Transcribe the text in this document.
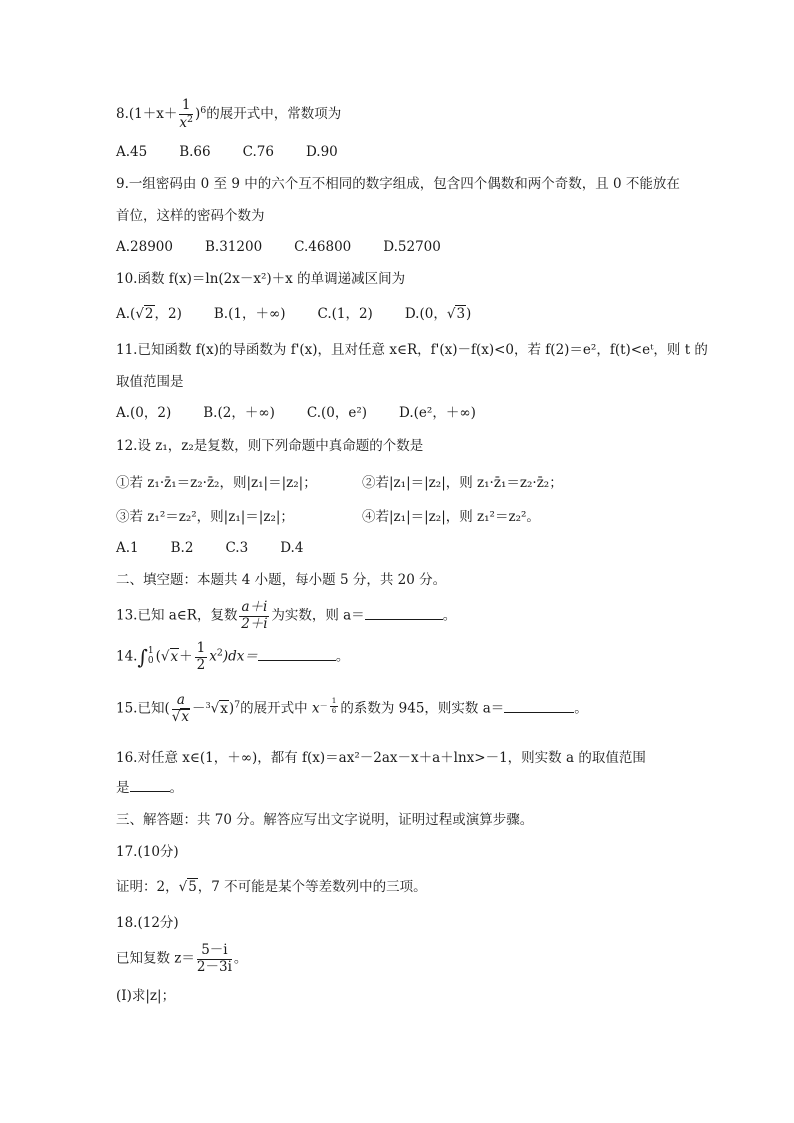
$8.(1+x+ \frac{1}{x^2} )^6$的展开式中，常数项为
A.45 B.66 C.76 D.90
9.一组密码由 0 至 9 中的六个互不相同的数字组成，包含四个偶数和两个奇数，且 0 不能放在
首位，这样的密码个数为
A.28900 B.31200 C.46800 D.52700
10.函数 f(x)＝ln(2x－x²)＋x 的单调递减区间为
A.(√2，2) B.(1，＋∞) C.(1，2) D.(0，√3)
11.已知函数 f(x)的导函数为 f'(x)，且对任意 x∈R，f'(x)－f(x)<0，若 f(2)＝e²，f(t)<eᵗ，则 t 的
取值范围是
A.(0，2) B.(2，＋∞) C.(0，e²) D.(e²，＋∞)
12.设 z₁，z₂是复数，则下列命题中真命题的个数是
①若 z₁·z̄₁＝z₂·z̄₂，则|z₁|＝|z₂|；	②若|z₁|＝|z₂|，则 z₁·z̄₁＝z₂·z̄₂；
③若 z₁²＝z₂²，则|z₁|＝|z₂|；	④若|z₁|＝|z₂|，则 z₁²＝z₂²。
A.1 B.2 C.3 D.4
二、填空题：本题共 4 小题，每小题 5 分，共 20 分。
13.已知 a∈R，复数 $\frac{a+i}{2+i}$ 为实数，则 a＝	。
14.∫ 1
0 $(√x+ \frac{1}{2} x^2)dx=$	。
15.已知( $\frac{a}{√x} -^3√x)^7$的展开式中 $x^{- \frac{1}{6}}$ 的系数为 945，则实数 a＝	。
16.对任意 x∈(1，＋∞)，都有 f(x)＝ax²－2ax－x＋a＋lnx>－1，则实数 a 的取值范围
是	。
三、解答题：共 70 分。解答应写出文字说明，证明过程或演算步骤。
17.(10分)
证明：2，√5，7 不可能是某个等差数列中的三项。
18.(12分)
已知复数 $z= \frac{5-i}{2-3i}$ 。
(I)求|z|；
